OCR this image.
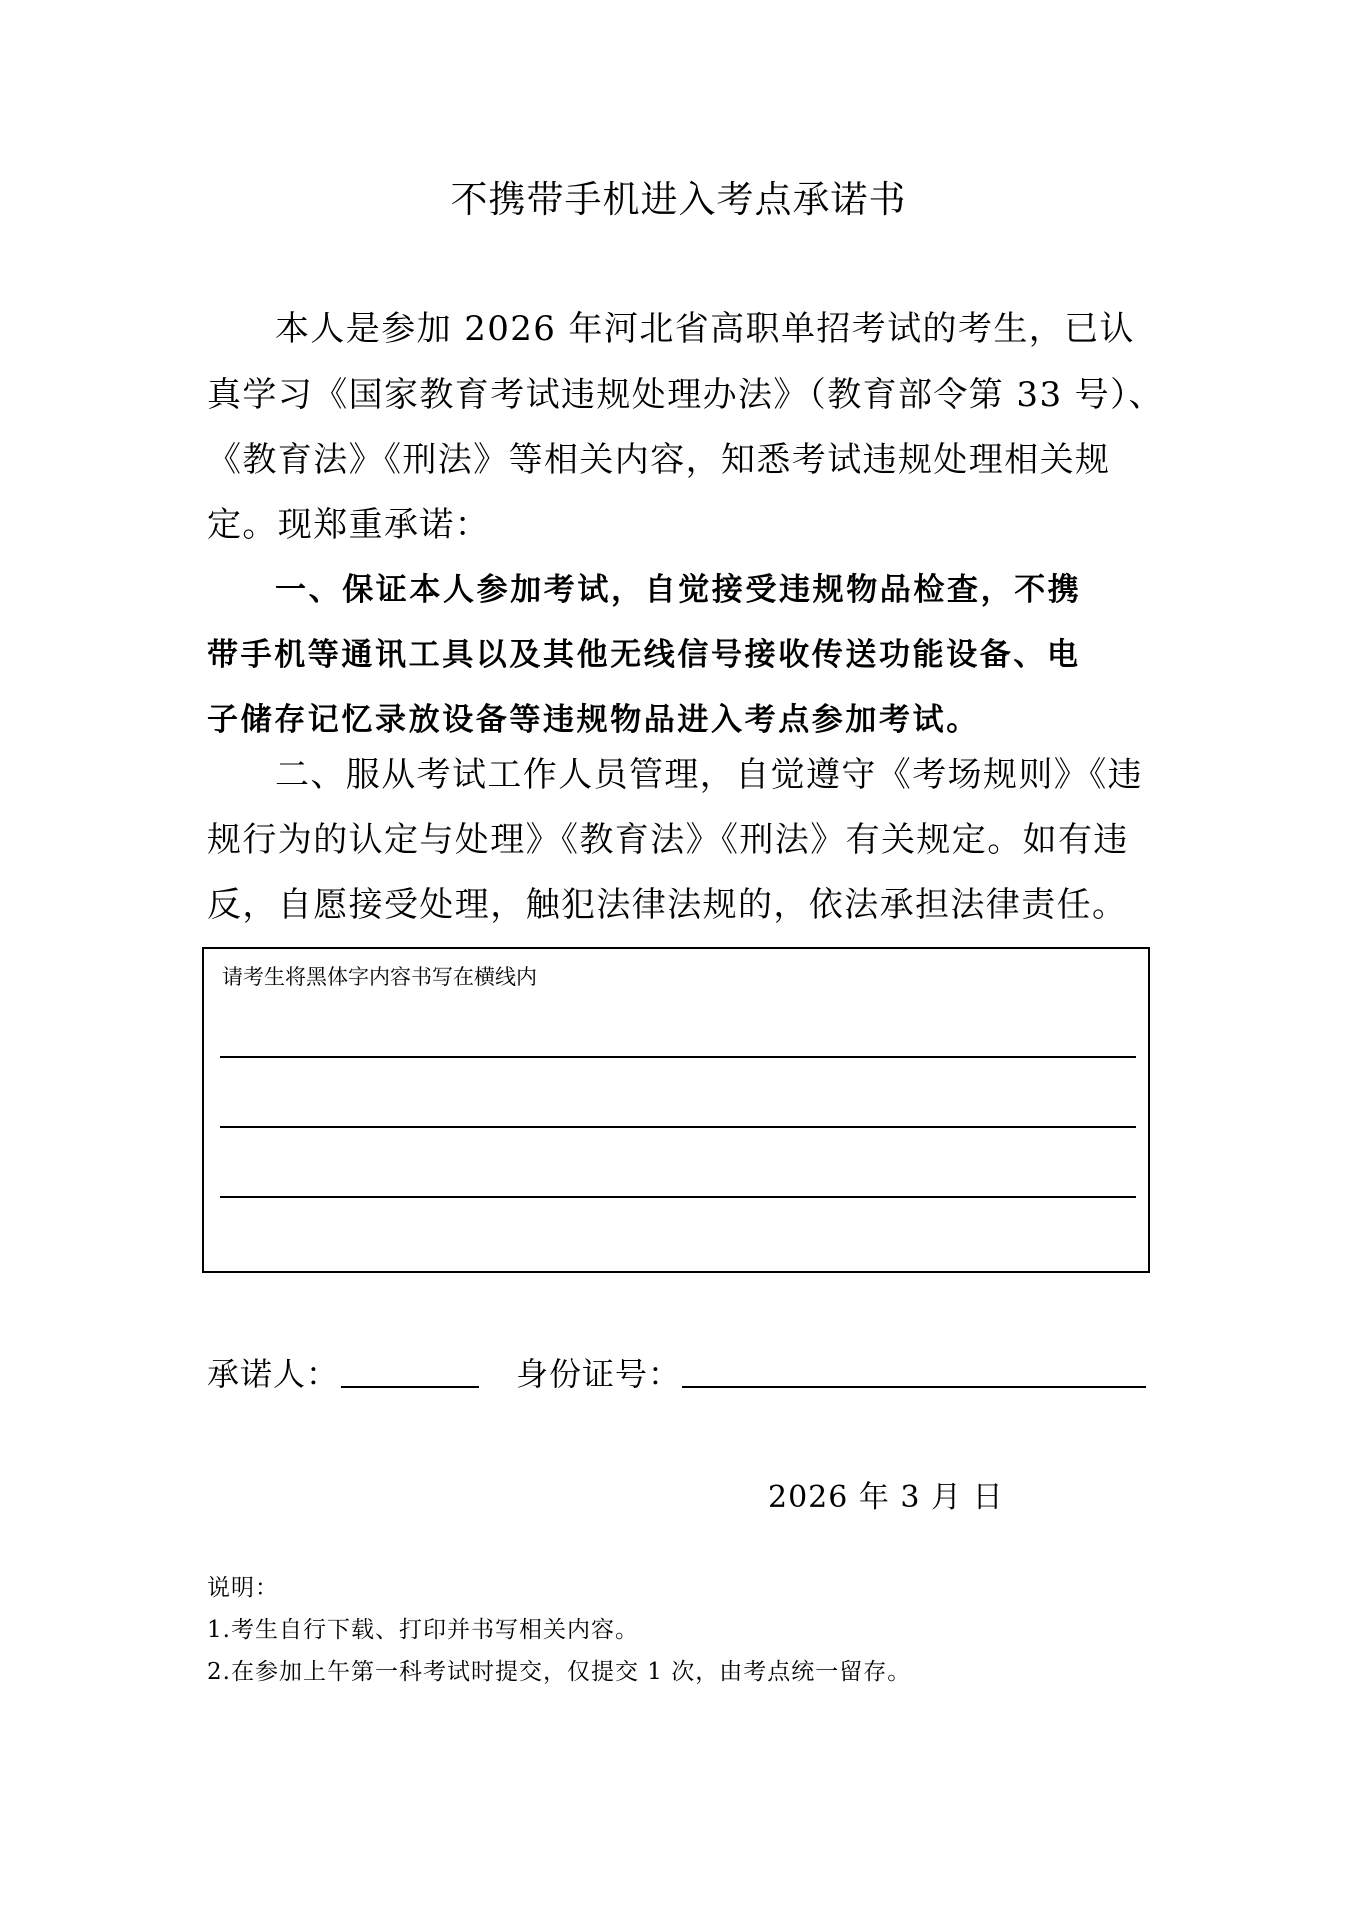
不携带手机进入考点承诺书
本人是参加 2026 年河北省高职单招考试的考生，已认
真学习《国家教育考试违规处理办法》（教育部令第 33 号）、
《教育法》《刑法》等相关内容，知悉考试违规处理相关规
定。现郑重承诺：
一、保证本人参加考试，自觉接受违规物品检查，不携
带手机等通讯工具以及其他无线信号接收传送功能设备、电
子储存记忆录放设备等违规物品进入考点参加考试。
二、服从考试工作人员管理，自觉遵守《考场规则》《违
规行为的认定与处理》《教育法》《刑法》有关规定。如有违
反，自愿接受处理，触犯法律法规的，依法承担法律责任。
请考生将黑体字内容书写在横线内
承诺人：	身份证号：
2026 年 3 月 日
说明：
1.考生自行下载、打印并书写相关内容。
2.在参加上午第一科考试时提交，仅提交 1 次，由考点统一留存。
